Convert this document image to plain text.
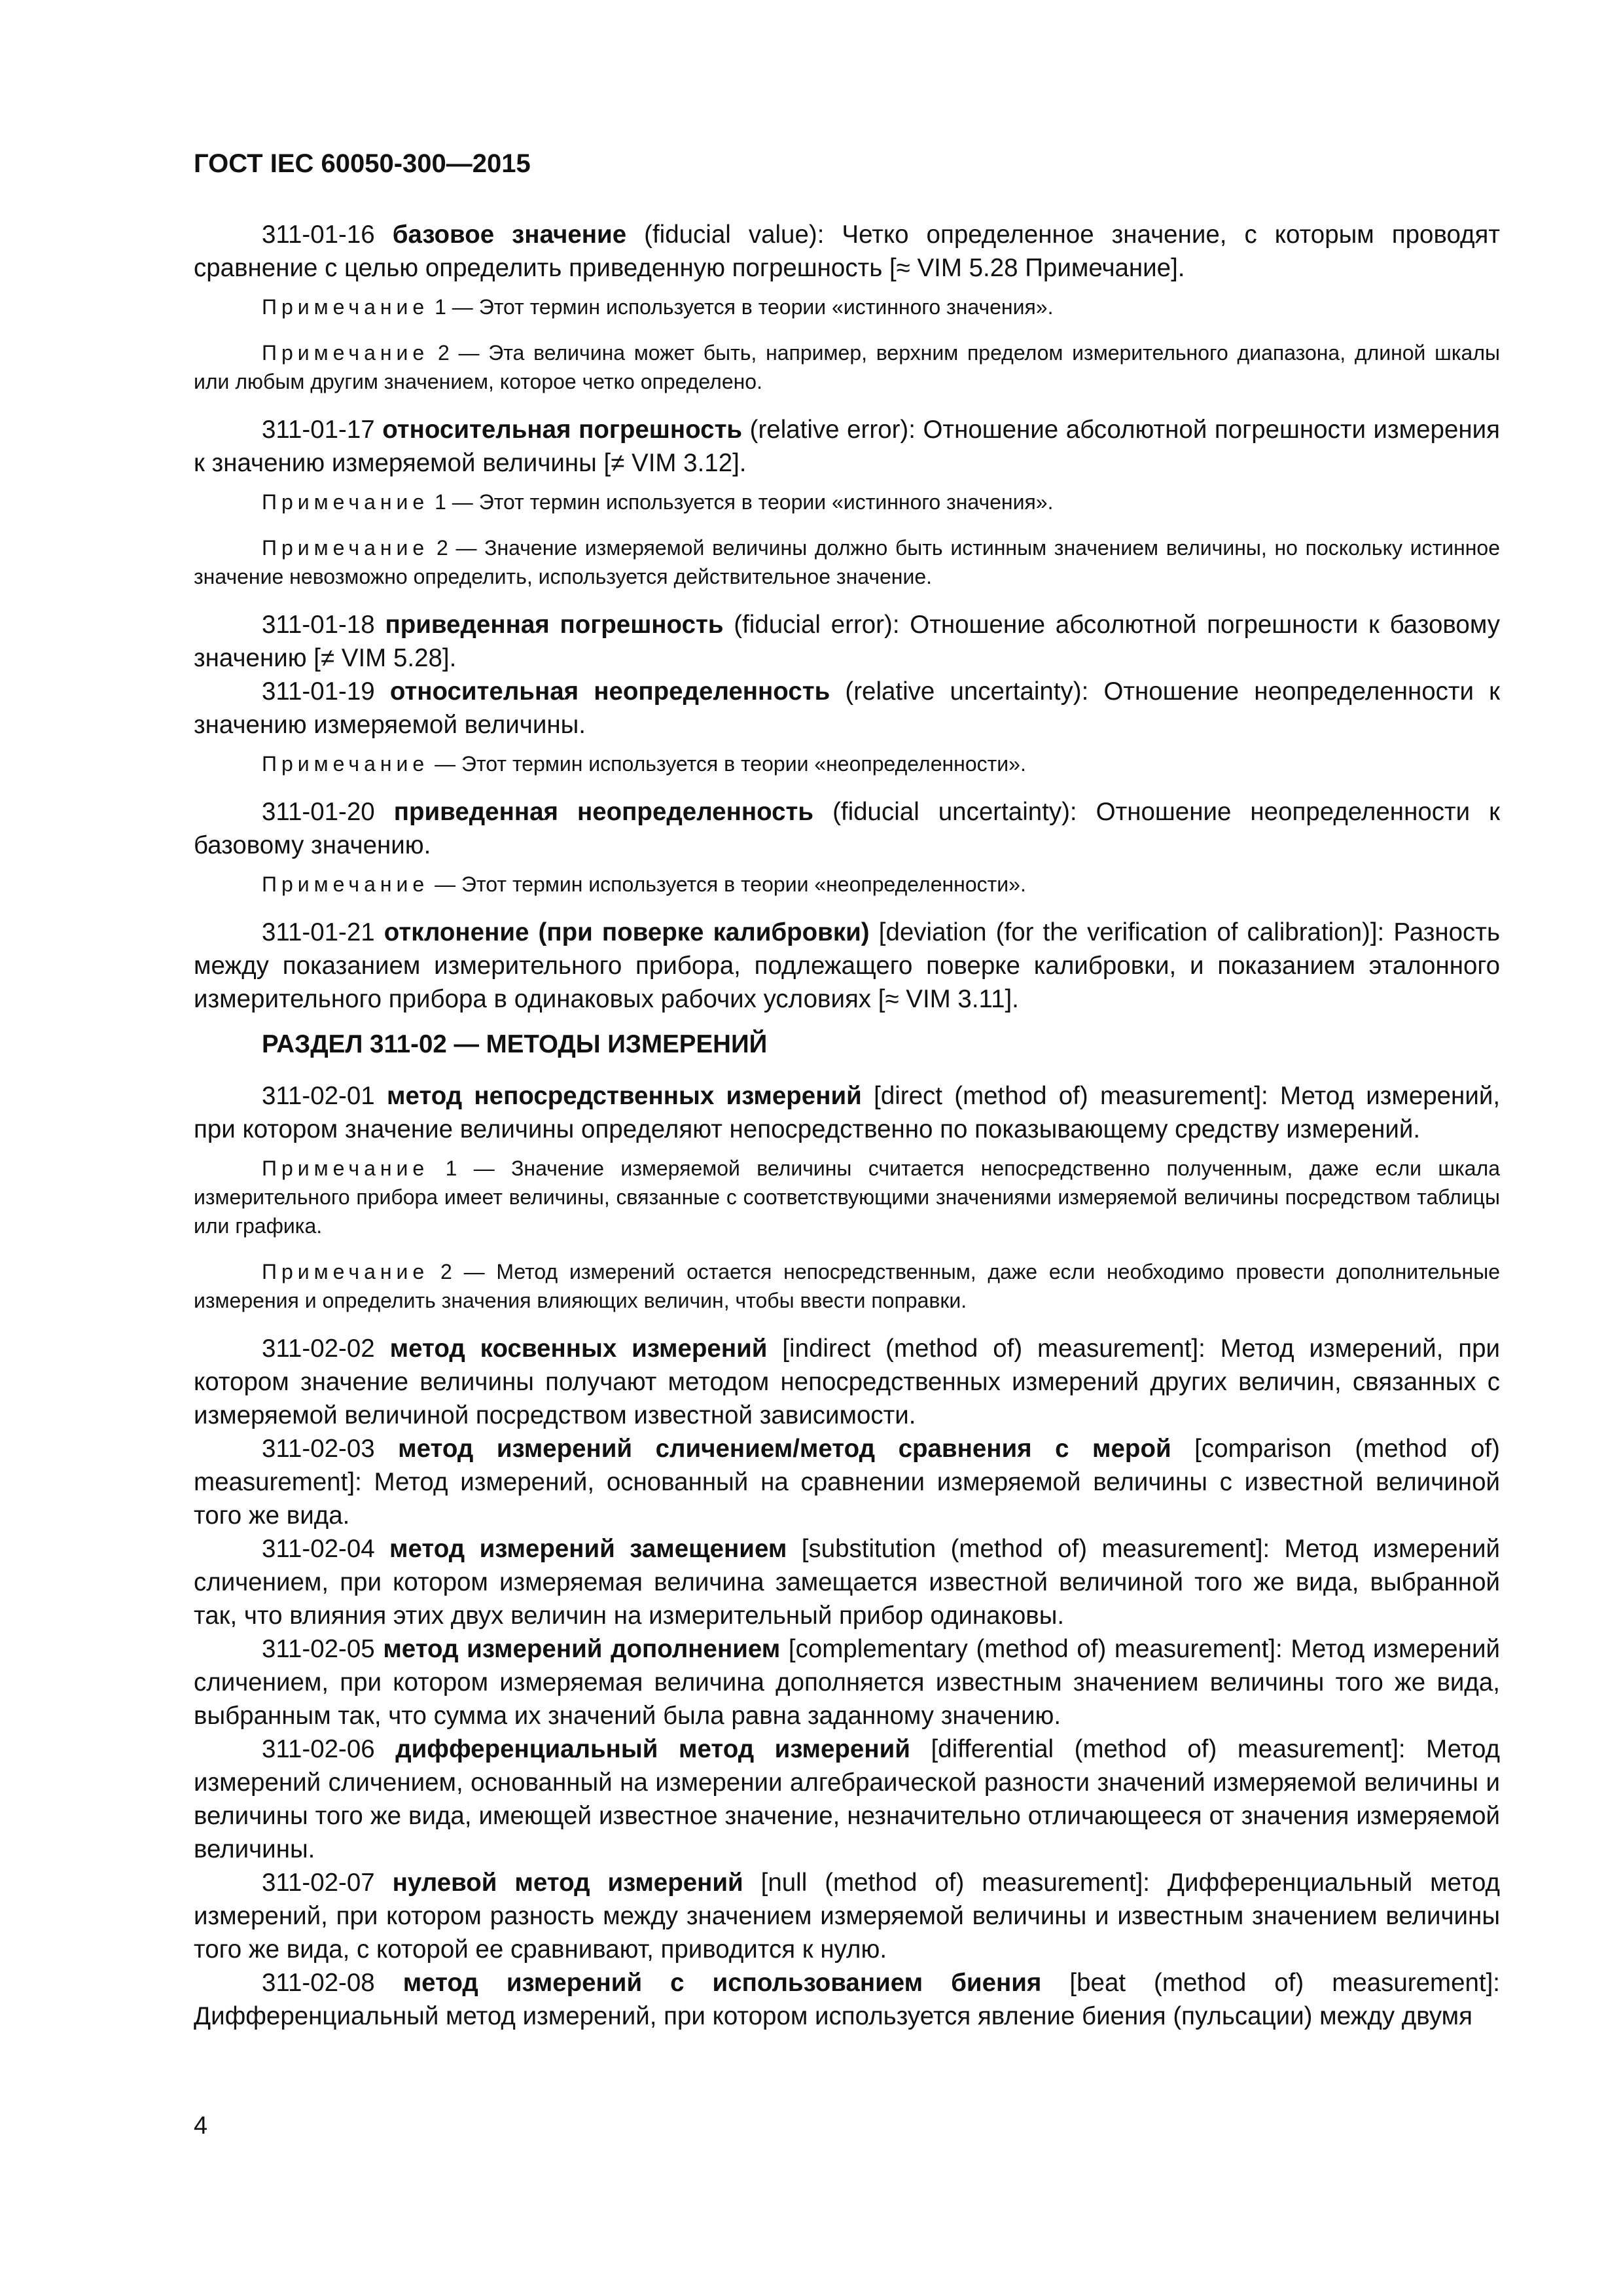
ГОСТ IEC 60050-300—2015

311-01-16 базовое значение (fiducial value): Четко определенное значение, с которым проводят сравнение с целью определить приведенную погрешность [≈ VIM 5.28 Примечание].

Примечание 1 — Этот термин используется в теории «истинного значения».

Примечание 2 — Эта величина может быть, например, верхним пределом измерительного диапазона, длиной шкалы или любым другим значением, которое четко определено.

311-01-17 относительная погрешность (relative error): Отношение абсолютной погрешности измерения к значению измеряемой величины [≠ VIM 3.12].

Примечание 1 — Этот термин используется в теории «истинного значения».

Примечание 2 — Значение измеряемой величины должно быть истинным значением величины, но поскольку истинное значение невозможно определить, используется действительное значение.

311-01-18 приведенная погрешность (fiducial error): Отношение абсолютной погрешности к базовому значению [≠ VIM 5.28].

311-01-19 относительная неопределенность (relative uncertainty): Отношение неопределенности к значению измеряемой величины.

Примечание — Этот термин используется в теории «неопределенности».

311-01-20 приведенная неопределенность (fiducial uncertainty): Отношение неопределенности к базовому значению.

Примечание — Этот термин используется в теории «неопределенности».

311-01-21 отклонение (при поверке калибровки) [deviation (for the verification of calibration)]: Разность между показанием измерительного прибора, подлежащего поверке калибровки, и показанием эталонного измерительного прибора в одинаковых рабочих условиях [≈ VIM 3.11].

РАЗДЕЛ 311-02 — МЕТОДЫ ИЗМЕРЕНИЙ

311-02-01 метод непосредственных измерений [direct (method of) measurement]: Метод измерений, при котором значение величины определяют непосредственно по показывающему средству измерений.

Примечание 1 — Значение измеряемой величины считается непосредственно полученным, даже если шкала измерительного прибора имеет величины, связанные с соответствующими значениями измеряемой величины посредством таблицы или графика.

Примечание 2 — Метод измерений остается непосредственным, даже если необходимо провести дополнительные измерения и определить значения влияющих величин, чтобы ввести поправки.

311-02-02 метод косвенных измерений [indirect (method of) measurement]: Метод измерений, при котором значение величины получают методом непосредственных измерений других величин, связанных с измеряемой величиной посредством известной зависимости.

311-02-03 метод измерений сличением/метод сравнения с мерой [comparison (method of) measurement]: Метод измерений, основанный на сравнении измеряемой величины с известной величиной того же вида.

311-02-04 метод измерений замещением [substitution (method of) measurement]: Метод измерений сличением, при котором измеряемая величина замещается известной величиной того же вида, выбранной так, что влияния этих двух величин на измерительный прибор одинаковы.

311-02-05 метод измерений дополнением [complementary (method of) measurement]: Метод измерений сличением, при котором измеряемая величина дополняется известным значением величины того же вида, выбранным так, что сумма их значений была равна заданному значению.

311-02-06 дифференциальный метод измерений [differential (method of) measurement]: Метод измерений сличением, основанный на измерении алгебраической разности значений измеряемой величины и величины того же вида, имеющей известное значение, незначительно отличающееся от значения измеряемой величины.

311-02-07 нулевой метод измерений [null (method of) measurement]: Дифференциальный метод измерений, при котором разность между значением измеряемой величины и известным значением величины того же вида, с которой ее сравнивают, приводится к нулю.

311-02-08 метод измерений с использованием биения [beat (method of) measurement]: Дифференциальный метод измерений, при котором используется явление биения (пульсации) между двумя

4
